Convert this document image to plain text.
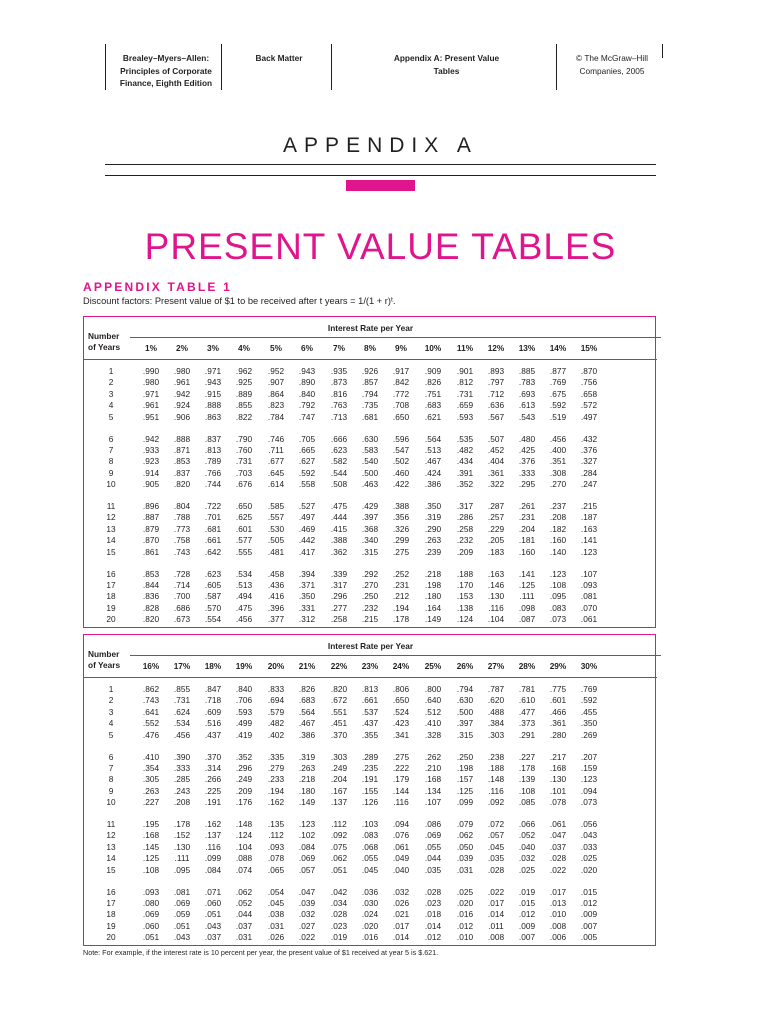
Brealey–Myers–Allen:
Principles of Corporate
Finance, Eighth Edition
Back Matter	Appendix A: Present Value
Tables
© The McGraw–Hill
Companies, 2005
APPENDIX A
PRESENT VALUE TABLES
APPENDIX TABLE 1
Discount factors: Present value of $1 to be received after t years = 1/(1 + r)ᵗ.
Interest Rate per Year
Number of Years	1%	2%	3%	4%	5%	6%	7%	8%	9%	10%	11%	12%	13%	14%	15%
1	.990	.980	.971	.962	.952	.943	.935	.926	.917	.909	.901	.893	.885	.877	.870
2	.980	.961	.943	.925	.907	.890	.873	.857	.842	.826	.812	.797	.783	.769	.756
3	.971	.942	.915	.889	.864	.840	.816	.794	.772	.751	.731	.712	.693	.675	.658
4	.961	.924	.888	.855	.823	.792	.763	.735	.708	.683	.659	.636	.613	.592	.572
5	.951	.906	.863	.822	.784	.747	.713	.681	.650	.621	.593	.567	.543	.519	.497
6	.942	.888	.837	.790	.746	.705	.666	.630	.596	.564	.535	.507	.480	.456	.432
7	.933	.871	.813	.760	.711	.665	.623	.583	.547	.513	.482	.452	.425	.400	.376
8	.923	.853	.789	.731	.677	.627	.582	.540	.502	.467	.434	.404	.376	.351	.327
9	.914	.837	.766	.703	.645	.592	.544	.500	.460	.424	.391	.361	.333	.308	.284
10	.905	.820	.744	.676	.614	.558	.508	.463	.422	.386	.352	.322	.295	.270	.247
11	.896	.804	.722	.650	.585	.527	.475	.429	.388	.350	.317	.287	.261	.237	.215
12	.887	.788	.701	.625	.557	.497	.444	.397	.356	.319	.286	.257	.231	.208	.187
13	.879	.773	.681	.601	.530	.469	.415	.368	.326	.290	.258	.229	.204	.182	.163
14	.870	.758	.661	.577	.505	.442	.388	.340	.299	.263	.232	.205	.181	.160	.141
15	.861	.743	.642	.555	.481	.417	.362	.315	.275	.239	.209	.183	.160	.140	.123
16	.853	.728	.623	.534	.458	.394	.339	.292	.252	.218	.188	.163	.141	.123	.107
17	.844	.714	.605	.513	.436	.371	.317	.270	.231	.198	.170	.146	.125	.108	.093
18	.836	.700	.587	.494	.416	.350	.296	.250	.212	.180	.153	.130	.111	.095	.081
19	.828	.686	.570	.475	.396	.331	.277	.232	.194	.164	.138	.116	.098	.083	.070
20	.820	.673	.554	.456	.377	.312	.258	.215	.178	.149	.124	.104	.087	.073	.061
Interest Rate per Year
Number of Years	16%	17%	18%	19%	20%	21%	22%	23%	24%	25%	26%	27%	28%	29%	30%
1	.862	.855	.847	.840	.833	.826	.820	.813	.806	.800	.794	.787	.781	.775	.769
2	.743	.731	.718	.706	.694	.683	.672	.661	.650	.640	.630	.620	.610	.601	.592
3	.641	.624	.609	.593	.579	.564	.551	.537	.524	.512	.500	.488	.477	.466	.455
4	.552	.534	.516	.499	.482	.467	.451	.437	.423	.410	.397	.384	.373	.361	.350
5	.476	.456	.437	.419	.402	.386	.370	.355	.341	.328	.315	.303	.291	.280	.269
6	.410	.390	.370	.352	.335	.319	.303	.289	.275	.262	.250	.238	.227	.217	.207
7	.354	.333	.314	.296	.279	.263	.249	.235	.222	.210	.198	.188	.178	.168	.159
8	.305	.285	.266	.249	.233	.218	.204	.191	.179	.168	.157	.148	.139	.130	.123
9	.263	.243	.225	.209	.194	.180	.167	.155	.144	.134	.125	.116	.108	.101	.094
10	.227	.208	.191	.176	.162	.149	.137	.126	.116	.107	.099	.092	.085	.078	.073
11	.195	.178	.162	.148	.135	.123	.112	.103	.094	.086	.079	.072	.066	.061	.056
12	.168	.152	.137	.124	.112	.102	.092	.083	.076	.069	.062	.057	.052	.047	.043
13	.145	.130	.116	.104	.093	.084	.075	.068	.061	.055	.050	.045	.040	.037	.033
14	.125	.111	.099	.088	.078	.069	.062	.055	.049	.044	.039	.035	.032	.028	.025
15	.108	.095	.084	.074	.065	.057	.051	.045	.040	.035	.031	.028	.025	.022	.020
16	.093	.081	.071	.062	.054	.047	.042	.036	.032	.028	.025	.022	.019	.017	.015
17	.080	.069	.060	.052	.045	.039	.034	.030	.026	.023	.020	.017	.015	.013	.012
18	.069	.059	.051	.044	.038	.032	.028	.024	.021	.018	.016	.014	.012	.010	.009
19	.060	.051	.043	.037	.031	.027	.023	.020	.017	.014	.012	.011	.009	.008	.007
20	.051	.043	.037	.031	.026	.022	.019	.016	.014	.012	.010	.008	.007	.006	.005
Note: For example, if the interest rate is 10 percent per year, the present value of $1 received at year 5 is $.621.
